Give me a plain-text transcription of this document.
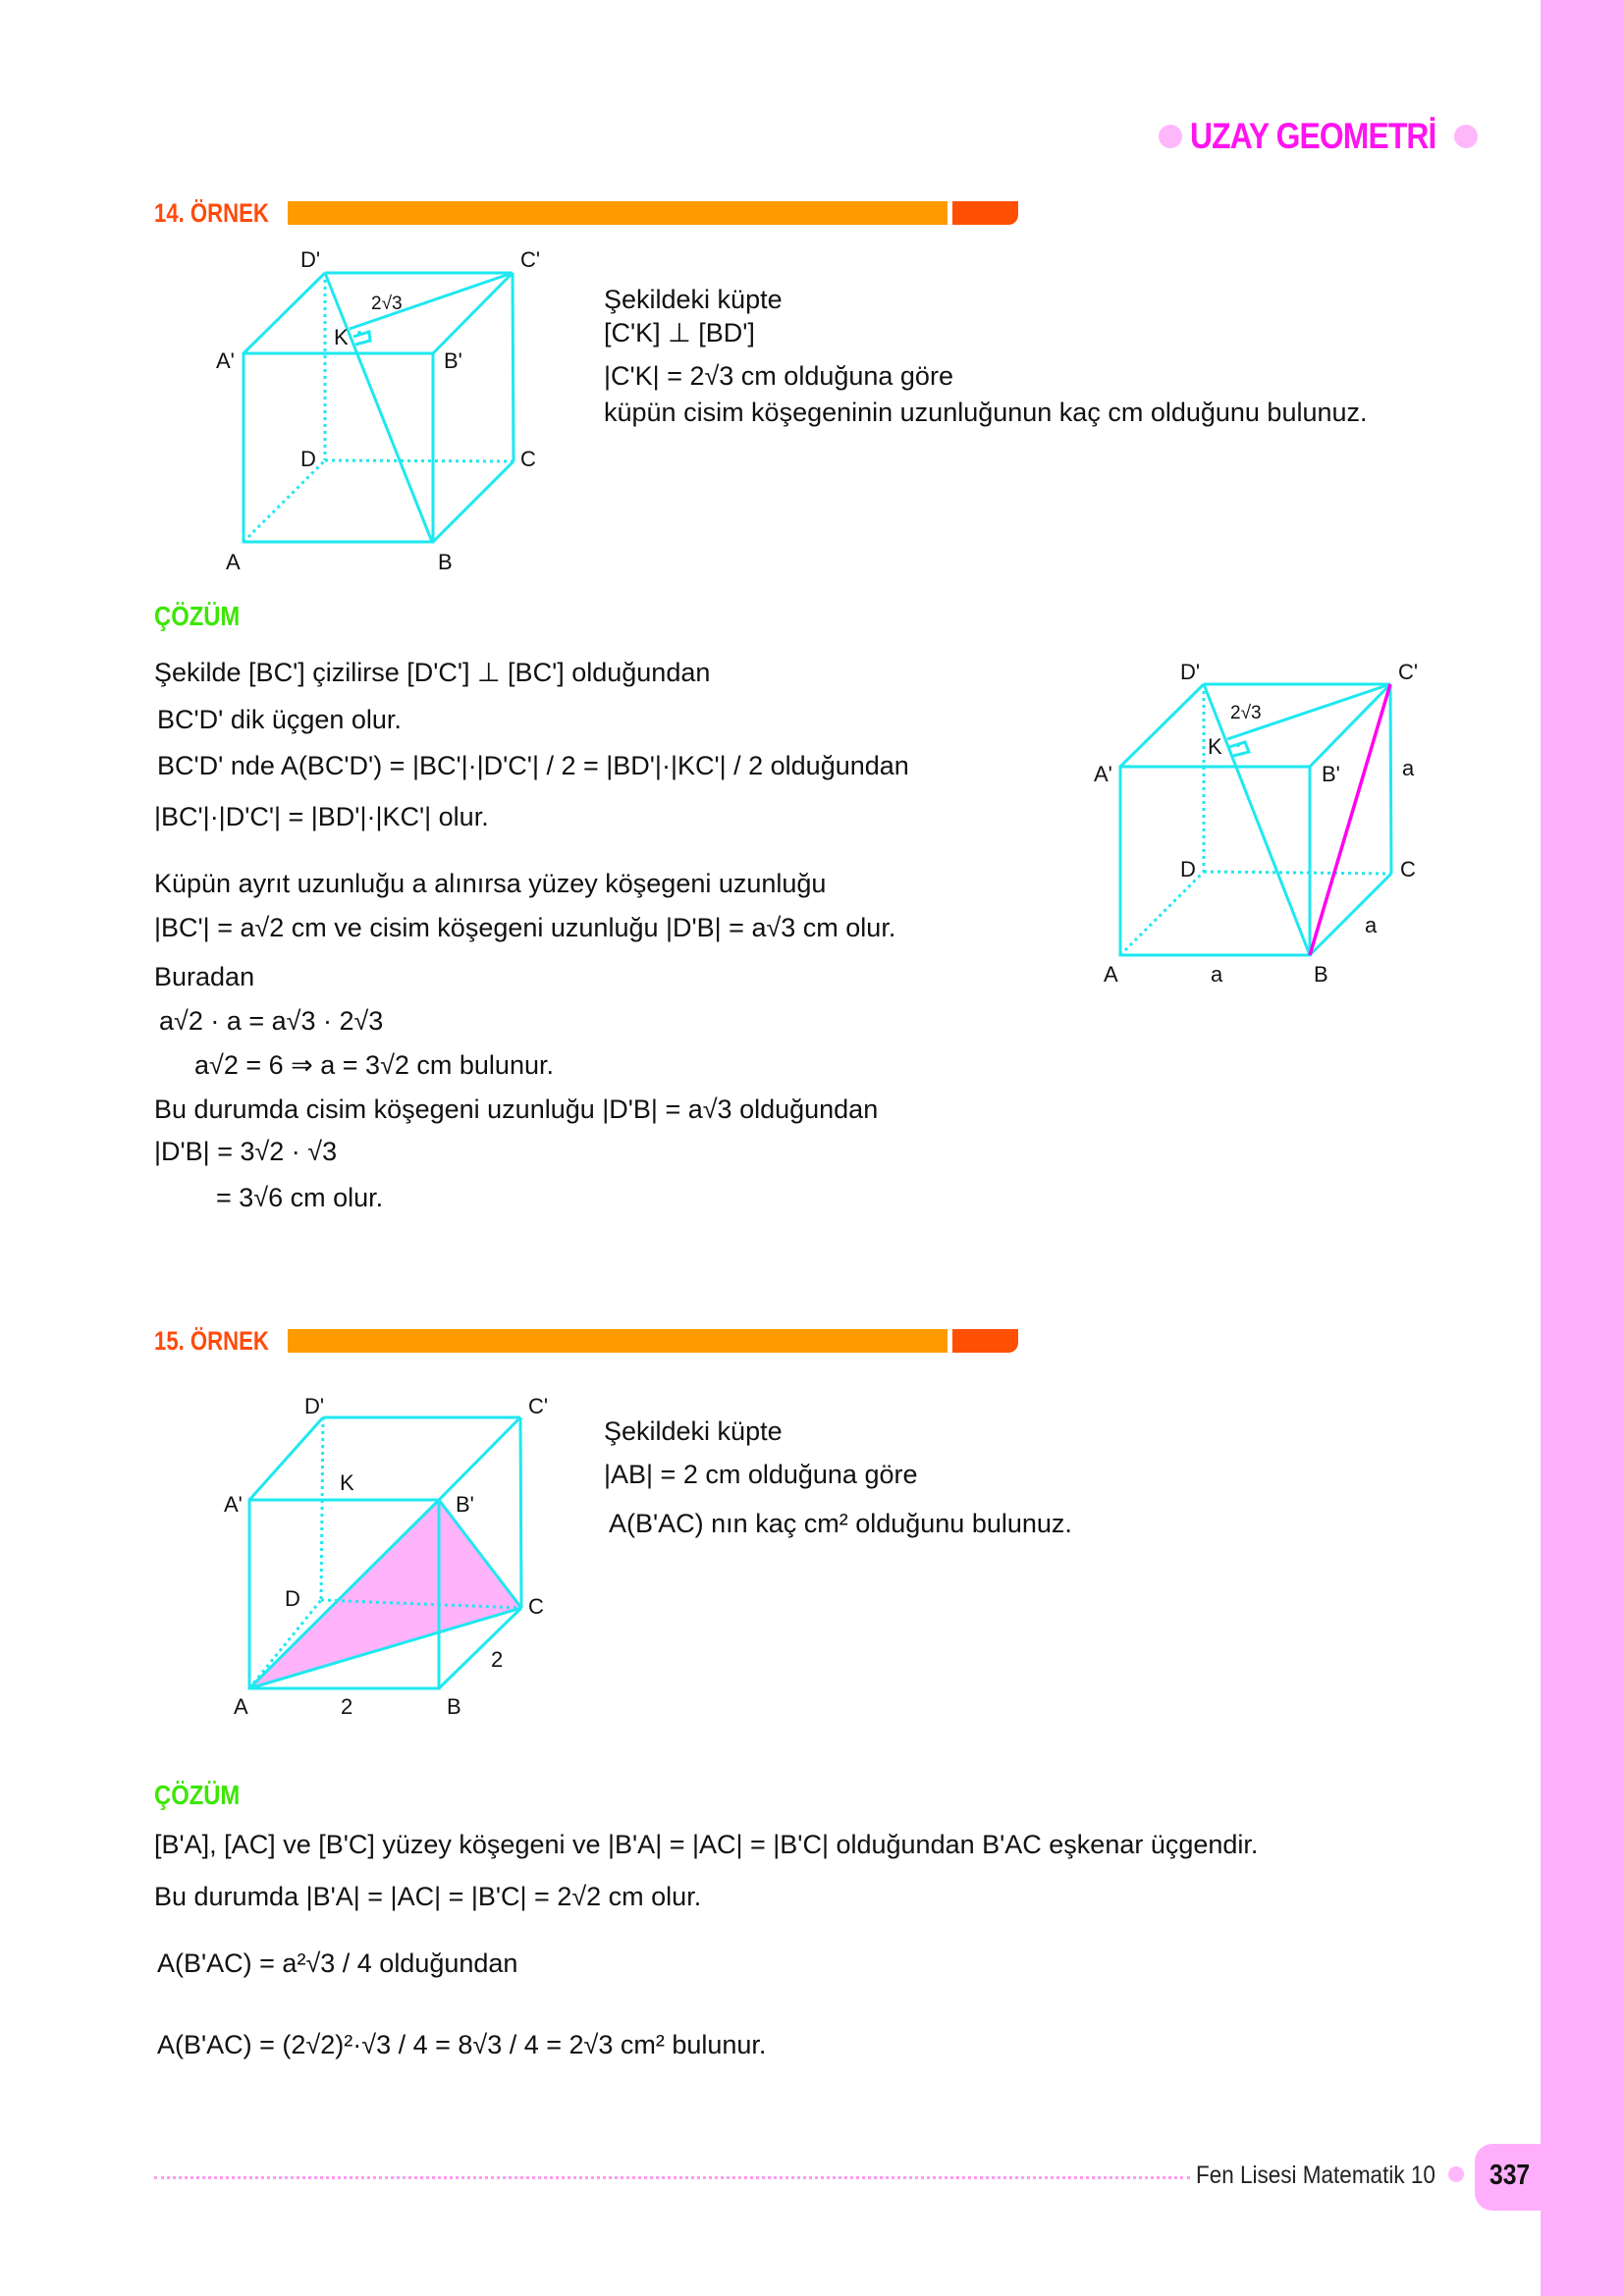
UZAY GEOMETRİ
14. ÖRNEK
D'	C'
A'	B'
K
D	C
A	B
2√3	Şekildeki küpte
[C'K] ⊥ [BD']
|C'K| = 2√3 cm olduğuna göre
küpün cisim köşegeninin uzunluğunun kaç cm olduğunu bulunuz.
ÇÖZÜM
Şekilde [BC'] çizilirse [D'C'] ⊥ [BC'] olduğundan
BC'D' dik üçgen olur.
BC'D' nde A(BC'D') = |BC'|·|D'C'| / 2 = |BD'|·|KC'| / 2 olduğundan
|BC'|·|D'C'| = |BD'|·|KC'| olur.
Küpün ayrıt uzunluğu a alınırsa yüzey köşegeni uzunluğu
|BC'| = a√2 cm ve cisim köşegeni uzunluğu |D'B| = a√3 cm olur.
Buradan
a√2 · a = a√3 · 2√3
a√2 = 6 ⇒ a = 3√2 cm bulunur.
Bu durumda cisim köşegeni uzunluğu |D'B| = a√3 olduğundan
|D'B| = 3√2 · √3
= 3√6 cm olur.
D'	C'
A'	B'
K
D	C
A	B
2√3
a
a
a
15. ÖRNEK
D'	C'
A'
K
B'
D	C
A	2	B
2
Şekildeki küpte
|AB| = 2 cm olduğuna göre
A(B'AC) nın kaç cm² olduğunu bulunuz.
ÇÖZÜM
[B'A], [AC] ve [B'C] yüzey köşegeni ve |B'A| = |AC| = |B'C| olduğundan B'AC eşkenar üçgendir.
Bu durumda |B'A| = |AC| = |B'C| = 2√2 cm olur.
A(B'AC) = a²√3 / 4 olduğundan
A(B'AC) = (2√2)²·√3 / 4 = 8√3 / 4 = 2√3 cm² bulunur.
Fen Lisesi Matematik 10 337
